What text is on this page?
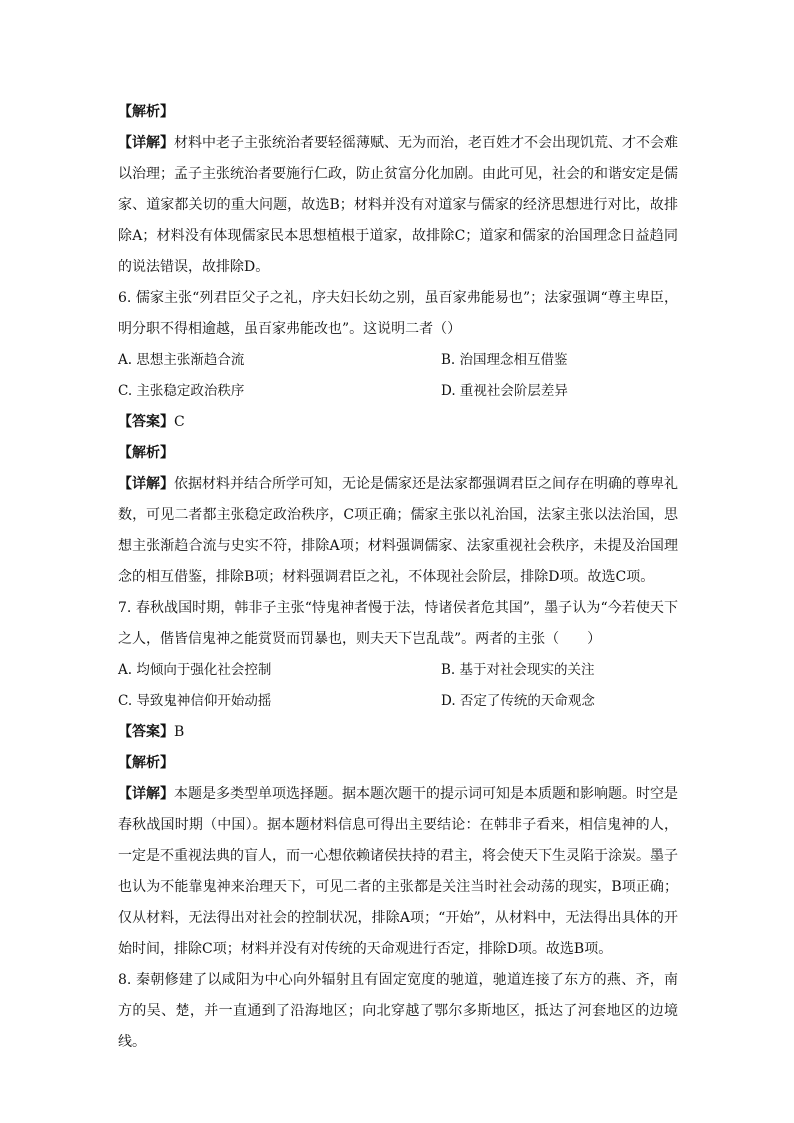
【解析】

【详解】材料中老子主张统治者要轻徭薄赋、无为而治，老百姓才不会出现饥荒、才不会难以治理；孟子主张统治者要施行仁政，防止贫富分化加剧。由此可见，社会的和谐安定是儒家、道家都关切的重大问题，故选B；材料并没有对道家与儒家的经济思想进行对比，故排除A；材料没有体现儒家民本思想植根于道家，故排除C；道家和儒家的治国理念日益趋同的说法错误，故排除D。

6. 儒家主张“列君臣父子之礼，序夫妇长幼之别，虽百家弗能易也”；法家强调“尊主卑臣，明分职不得相逾越，虽百家弗能改也”。这说明二者（）

A. 思想主张渐趋合流	B. 治国理念相互借鉴
C. 主张稳定政治秩序	D. 重视社会阶层差异
【答案】C
【解析】

【详解】依据材料并结合所学可知，无论是儒家还是法家都强调君臣之间存在明确的尊卑礼数，可见二者都主张稳定政治秩序，C项正确；儒家主张以礼治国，法家主张以法治国，思想主张渐趋合流与史实不符，排除A项；材料强调儒家、法家重视社会秩序，未提及治国理念的相互借鉴，排除B项；材料强调君臣之礼，不体现社会阶层，排除D项。故选C项。

7. 春秋战国时期，韩非子主张“恃鬼神者慢于法，恃诸侯者危其国”，墨子认为“今若使天下之人，偕皆信鬼神之能赏贤而罚暴也，则夫天下岂乱哉”。两者的主张（　　）

A. 均倾向于强化社会控制	B. 基于对社会现实的关注
C. 导致鬼神信仰开始动摇	D. 否定了传统的天命观念
【答案】B
【解析】

【详解】本题是多类型单项选择题。据本题次题干的提示词可知是本质题和影响题。时空是春秋战国时期（中国）。据本题材料信息可得出主要结论：在韩非子看来，相信鬼神的人，一定是不重视法典的盲人，而一心想依赖诸侯扶持的君主，将会使天下生灵陷于涂炭。墨子也认为不能靠鬼神来治理天下，可见二者的主张都是关注当时社会动荡的现实，B项正确；仅从材料，无法得出对社会的控制状况，排除A项；“开始”，从材料中，无法得出具体的开始时间，排除C项；材料并没有对传统的天命观进行否定，排除D项。故选B项。

8. 秦朝修建了以咸阳为中心向外辐射且有固定宽度的驰道，驰道连接了东方的燕、齐，南方的吴、楚，并一直通到了沿海地区；向北穿越了鄂尔多斯地区，抵达了河套地区的边境线。
